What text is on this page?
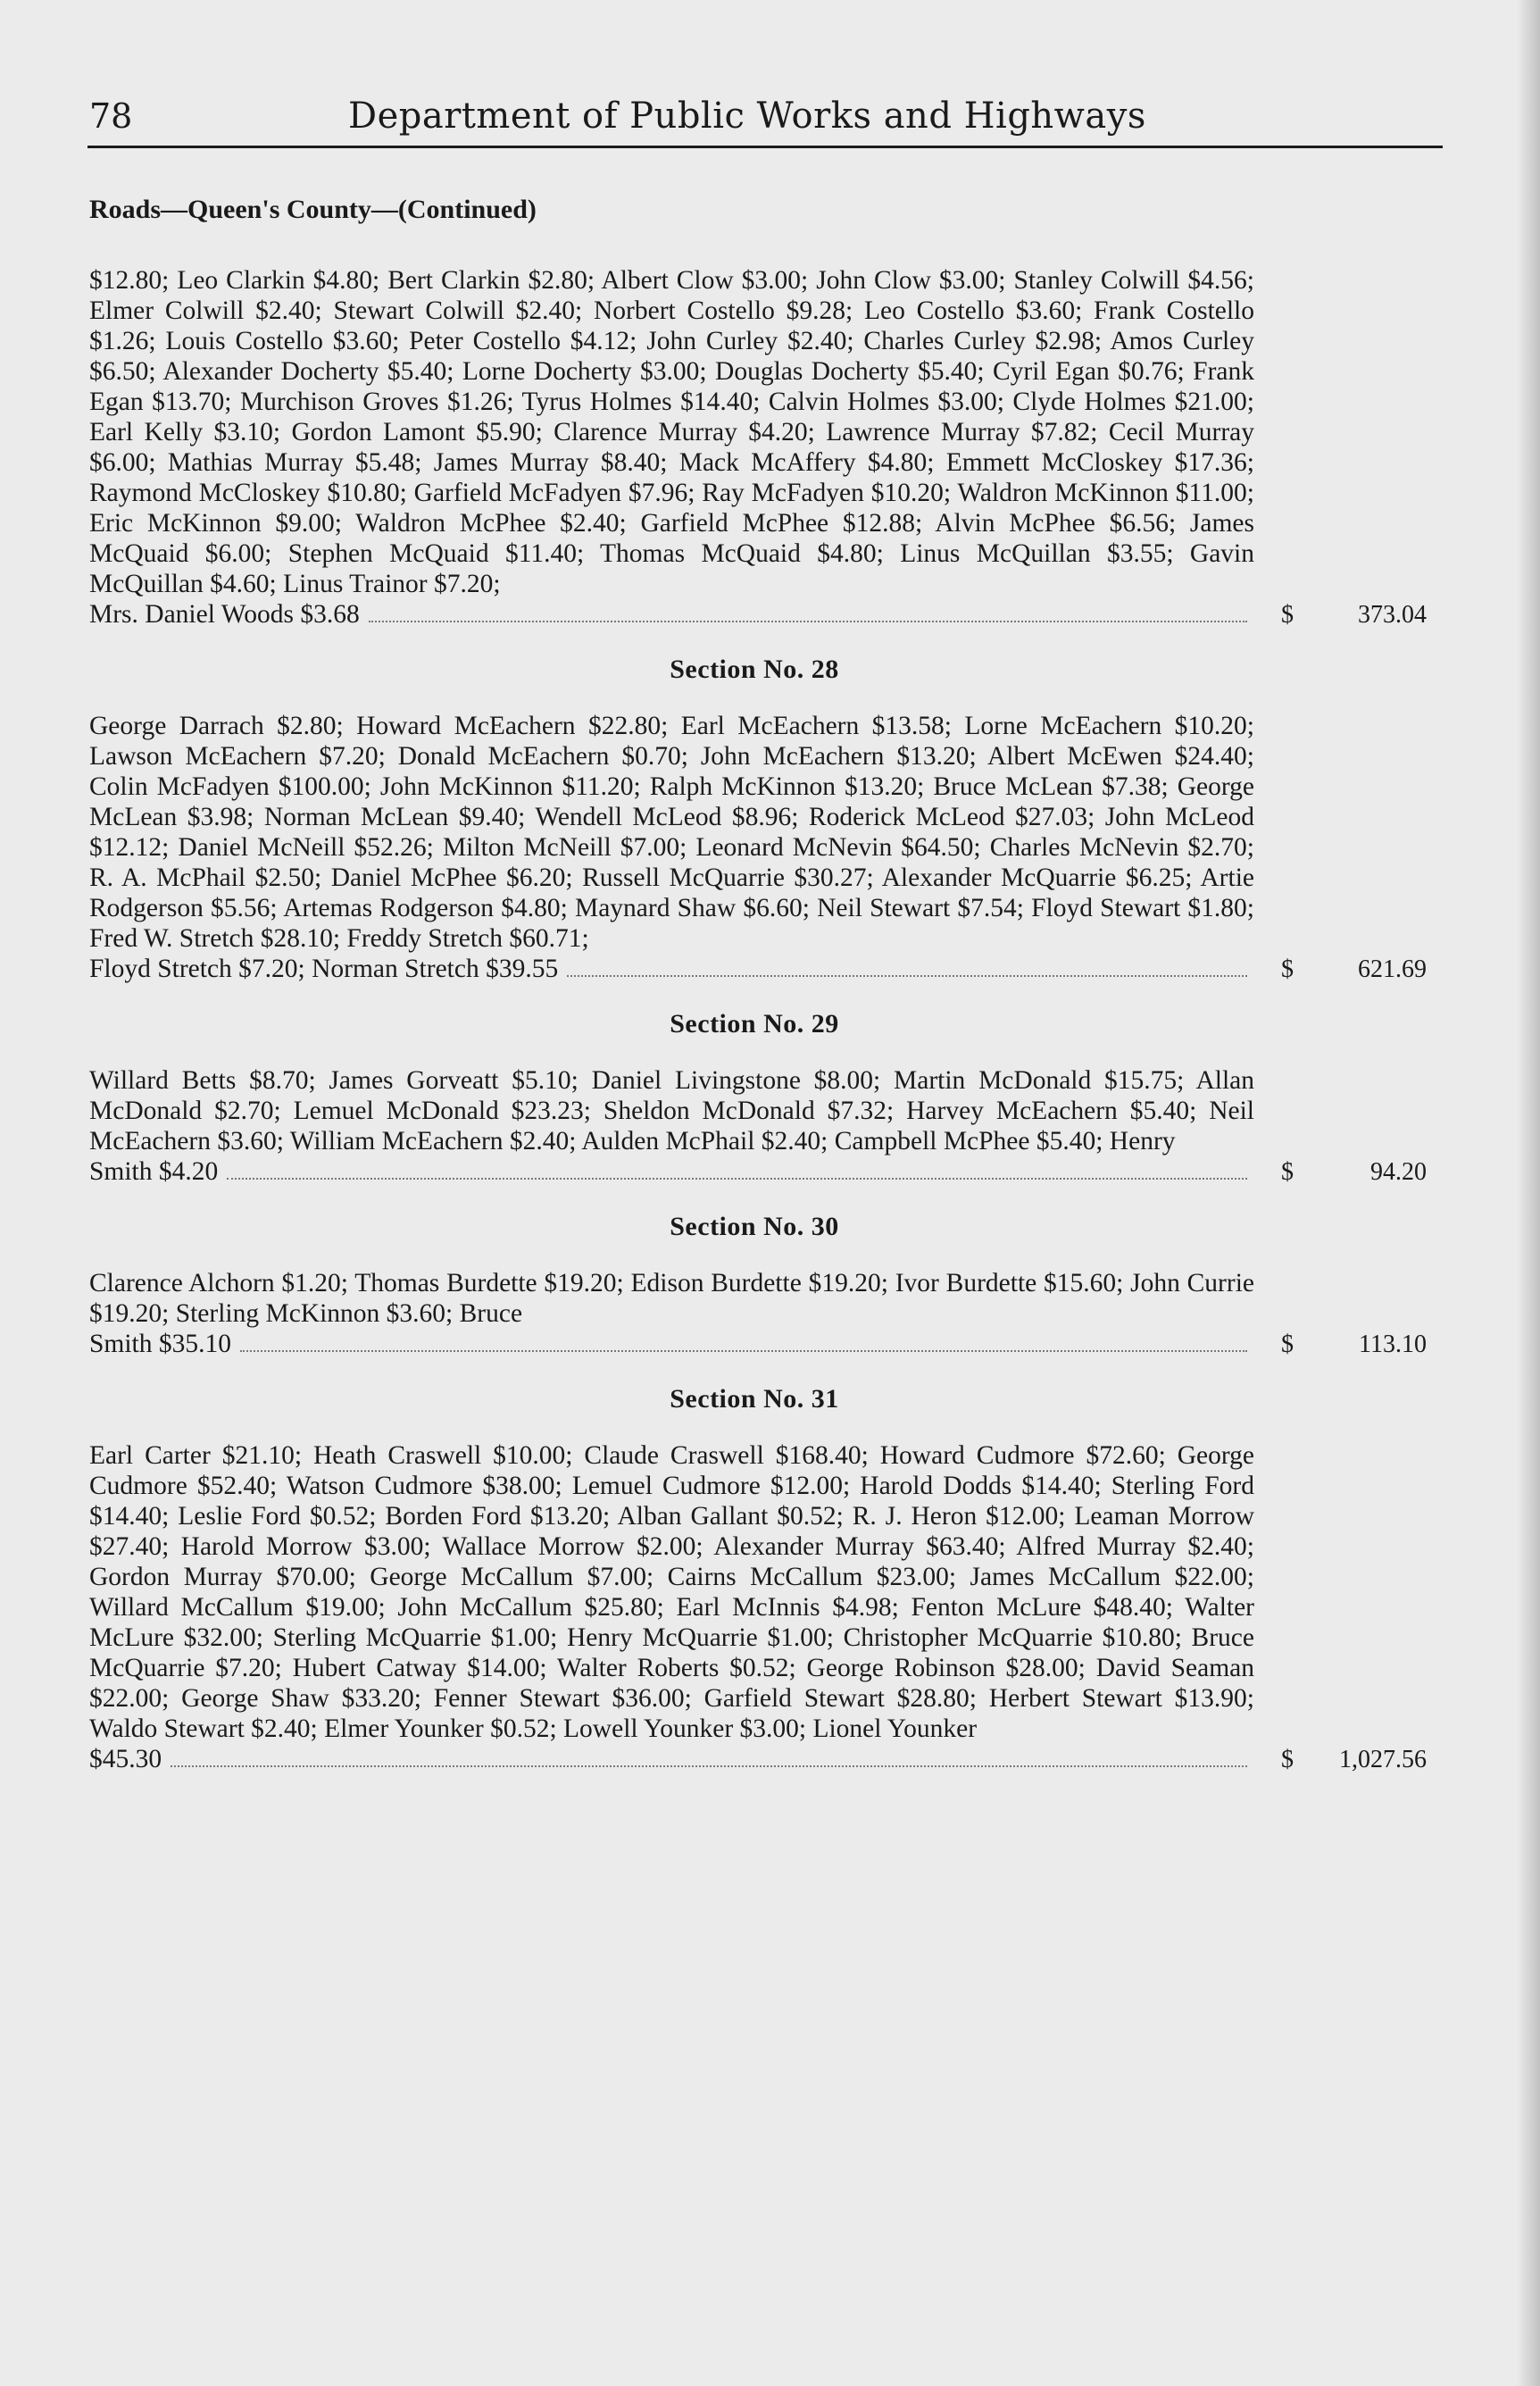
78	Department of Public Works and Highways
Roads—Queen's County—(Continued)
$12.80; Leo Clarkin $4.80; Bert Clarkin $2.80; Albert Clow $3.00; John Clow $3.00; Stanley Colwill $4.56; Elmer Colwill $2.40; Stewart Colwill $2.40; Norbert Costello $9.28; Leo Costello $3.60; Frank Costello $1.26; Louis Costello $3.60; Peter Costello $4.12; John Curley $2.40; Charles Curley $2.98; Amos Curley $6.50; Alexander Docherty $5.40; Lorne Docherty $3.00; Douglas Docherty $5.40; Cyril Egan $0.76; Frank Egan $13.70; Murchison Groves $1.26; Tyrus Holmes $14.40; Calvin Holmes $3.00; Clyde Holmes $21.00; Earl Kelly $3.10; Gordon Lamont $5.90; Clarence Murray $4.20; Lawrence Murray $7.82; Cecil Murray $6.00; Mathias Murray $5.48; James Murray $8.40; Mack McAffery $4.80; Emmett McCloskey $17.36; Raymond McCloskey $10.80; Garfield McFadyen $7.96; Ray McFadyen $10.20; Waldron McKinnon $11.00; Eric McKinnon $9.00; Waldron McPhee $2.40; Garfield McPhee $12.88; Alvin McPhee $6.56; James McQuaid $6.00; Stephen McQuaid $11.40; Thomas McQuaid $4.80; Linus McQuillan $3.55; Gavin McQuillan $4.60; Linus Trainor $7.20;
Mrs. Daniel Woods $3.68	$	373.04
Section No. 28
George Darrach $2.80; Howard McEachern $22.80; Earl McEachern $13.58; Lorne McEachern $10.20; Lawson McEachern $7.20; Donald McEachern $0.70; John McEachern $13.20; Albert McEwen $24.40; Colin McFadyen $100.00; John McKinnon $11.20; Ralph McKinnon $13.20; Bruce McLean $7.38; George McLean $3.98; Norman McLean $9.40; Wendell McLeod $8.96; Roderick McLeod $27.03; John McLeod $12.12; Daniel McNeill $52.26; Milton McNeill $7.00; Leonard McNevin $64.50; Charles McNevin $2.70; R. A. McPhail $2.50; Daniel McPhee $6.20; Russell McQuarrie $30.27; Alexander McQuarrie $6.25; Artie Rodgerson $5.56; Artemas Rodgerson $4.80; Maynard Shaw $6.60; Neil Stewart $7.54; Floyd Stewart $1.80; Fred W. Stretch $28.10; Freddy Stretch $60.71;
Floyd Stretch $7.20; Norman Stretch $39.55	$	621.69
Section No. 29
Willard Betts $8.70; James Gorveatt $5.10; Daniel Livingstone $8.00; Martin McDonald $15.75; Allan McDonald $2.70; Lemuel McDonald $23.23; Sheldon McDonald $7.32; Harvey McEachern $5.40; Neil McEachern $3.60; William McEachern $2.40; Aulden McPhail $2.40; Campbell McPhee $5.40; Henry
Smith $4.20	$	94.20
Section No. 30
Clarence Alchorn $1.20; Thomas Burdette $19.20; Edison Burdette $19.20; Ivor Burdette $15.60; John Currie $19.20; Sterling McKinnon $3.60; Bruce
Smith $35.10	$	113.10
Section No. 31
Earl Carter $21.10; Heath Craswell $10.00; Claude Craswell $168.40; Howard Cudmore $72.60; George Cudmore $52.40; Watson Cudmore $38.00; Lemuel Cudmore $12.00; Harold Dodds $14.40; Sterling Ford $14.40; Leslie Ford $0.52; Borden Ford $13.20; Alban Gallant $0.52; R. J. Heron $12.00; Leaman Morrow $27.40; Harold Morrow $3.00; Wallace Morrow $2.00; Alexander Murray $63.40; Alfred Murray $2.40; Gordon Murray $70.00; George McCallum $7.00; Cairns McCallum $23.00; James McCallum $22.00; Willard McCallum $19.00; John McCallum $25.80; Earl McInnis $4.98; Fenton McLure $48.40; Walter McLure $32.00; Sterling McQuarrie $1.00; Henry McQuarrie $1.00; Christopher McQuarrie $10.80; Bruce McQuarrie $7.20; Hubert Catway $14.00; Walter Roberts $0.52; George Robinson $28.00; David Seaman $22.00; George Shaw $33.20; Fenner Stewart $36.00; Garfield Stewart $28.80; Herbert Stewart $13.90; Waldo Stewart $2.40; Elmer Younker $0.52; Lowell Younker $3.00; Lionel Younker
$45.30	$ 1,027.56
